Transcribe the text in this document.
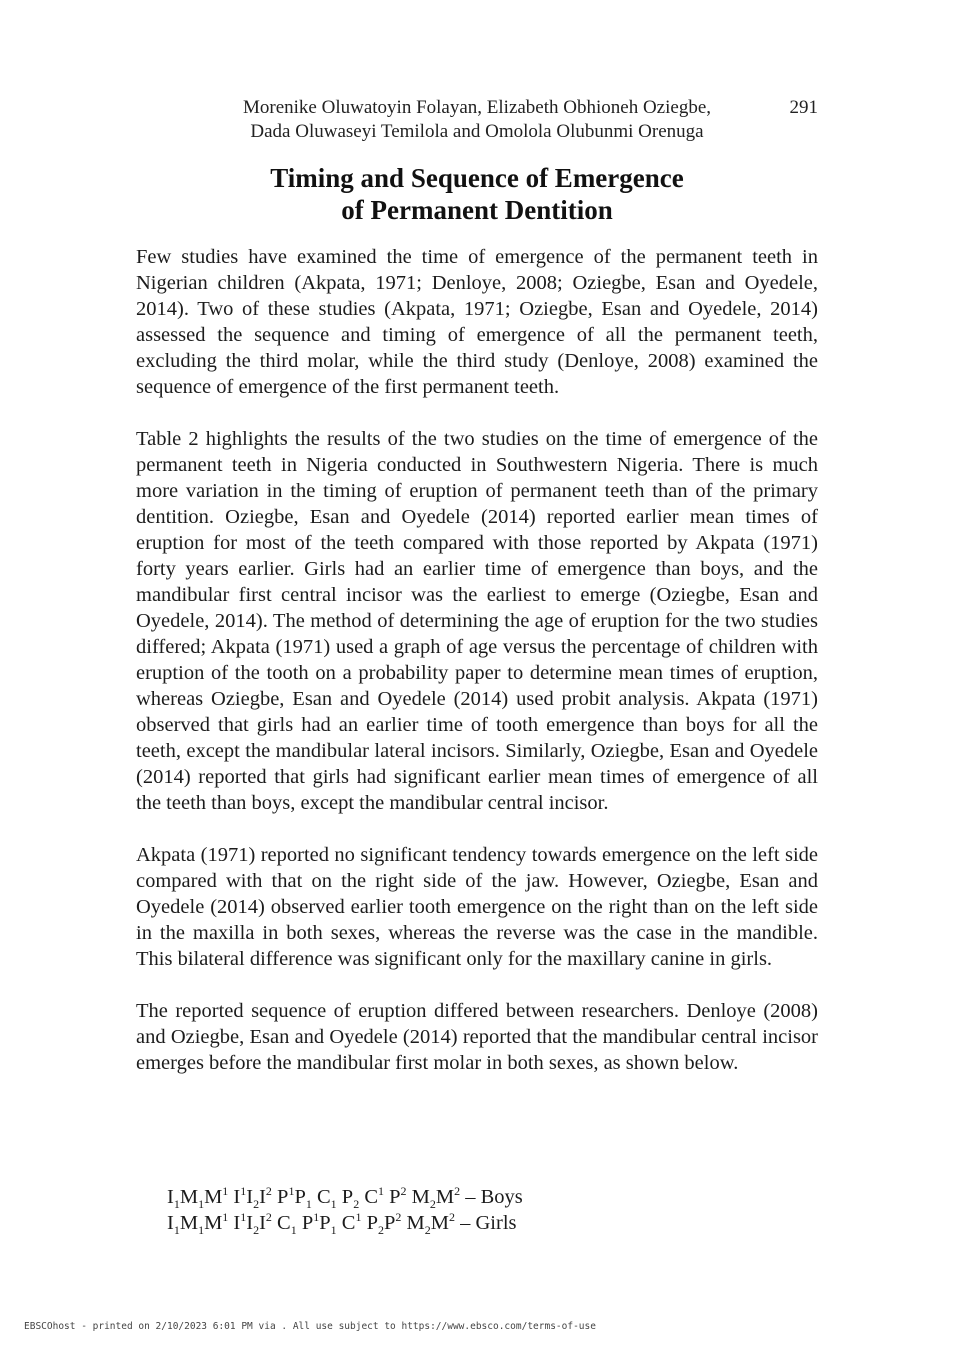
Morenike Oluwatoyin Folayan, Elizabeth Obhioneh Oziegbe,
Dada Oluwaseyi Temilola and Omolola Olubunmi Orenuga
291
Timing and Sequence of Emergence
of Permanent Dentition

Few studies have examined the time of emergence of the permanent teeth in Nigerian children (Akpata, 1971; Denloye, 2008; Oziegbe, Esan and Oyedele, 2014). Two of these studies (Akpata, 1971; Oziegbe, Esan and Oyedele, 2014) assessed the sequence and timing of emergence of all the permanent teeth, excluding the third molar, while the third study (Denloye, 2008) examined the sequence of emergence of the first permanent teeth.

Table 2 highlights the results of the two studies on the time of emergence of the permanent teeth in Nigeria conducted in Southwestern Nigeria. There is much more variation in the timing of eruption of permanent teeth than of the primary dentition. Oziegbe, Esan and Oyedele (2014) reported earlier mean times of eruption for most of the teeth compared with those reported by Akpata (1971) forty years earlier. Girls had an earlier time of emergence than boys, and the mandibular first central incisor was the earliest to emerge (Oziegbe, Esan and Oyedele, 2014). The method of determining the age of eruption for the two studies differed; Akpata (1971) used a graph of age versus the percentage of children with eruption of the tooth on a probability paper to determine mean times of eruption, whereas Oziegbe, Esan and Oyedele (2014) used probit analysis. Akpata (1971) observed that girls had an earlier time of tooth emergence than boys for all the teeth, except the mandibular lateral incisors. Similarly, Oziegbe, Esan and Oyedele (2014) reported that girls had significant earlier mean times of emergence of all the teeth than boys, except the mandibular central incisor.

Akpata (1971) reported no significant tendency towards emergence on the left side compared with that on the right side of the jaw. However, Oziegbe, Esan and Oyedele (2014) observed earlier tooth emergence on the right than on the left side in the maxilla in both sexes, whereas the reverse was the case in the mandible. This bilateral difference was significant only for the maxillary canine in girls.

The reported sequence of eruption differed between researchers. Denloye (2008) and Oziegbe, Esan and Oyedele (2014) reported that the mandibular central incisor emerges before the mandibular first molar in both sexes, as shown below.

$I_1M_1M^1$ $I^1I_2I^2$ $P^1P_1$ $C_1$ $P_2$ $C^1$ $P^2$ $M_2M^2$ – Boys
$I_1M_1M^1$ $I^1I_2I^2$ $C_1$ $P^1P_1$ $C^1$ $P_2P^2$ $M_2M^2$ – Girls
EBSCOhost - printed on 2/10/2023 6:01 PM via . All use subject to https://www.ebsco.com/terms-of-use
